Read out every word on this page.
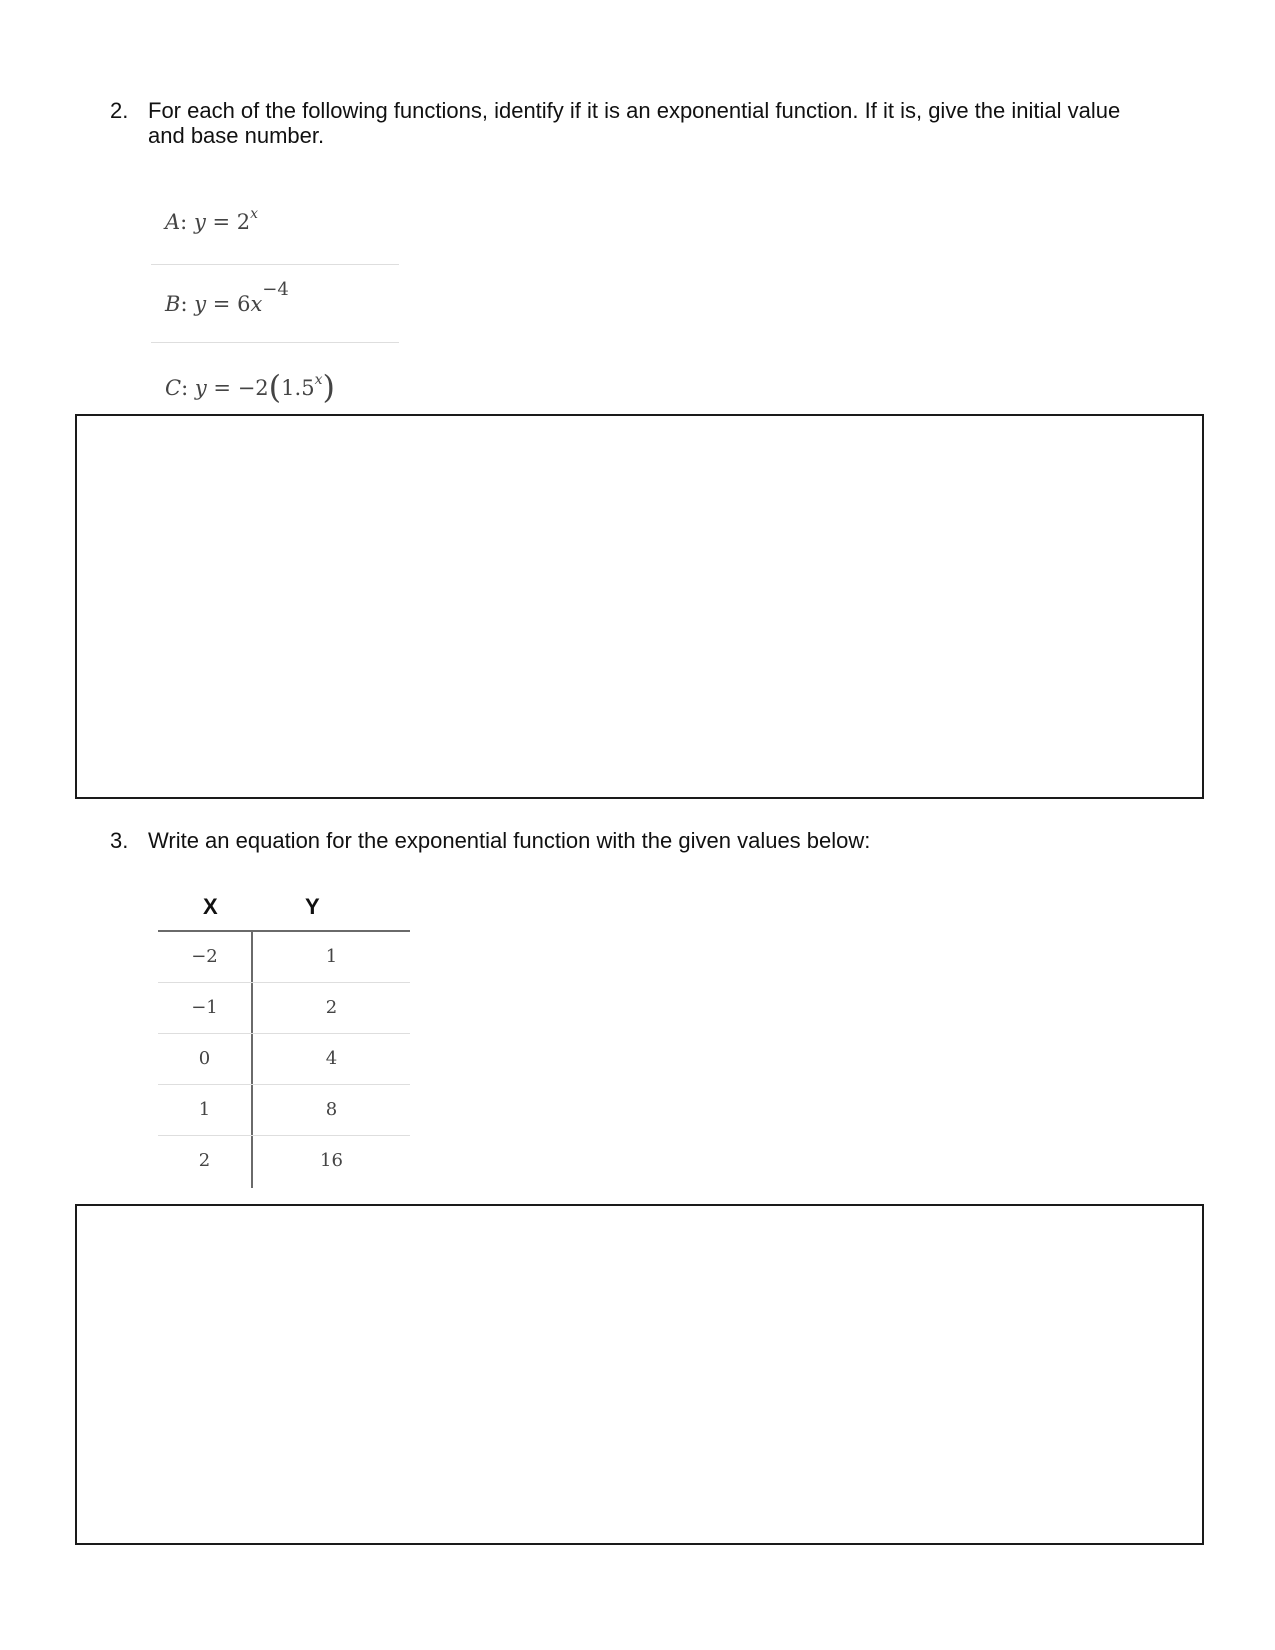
2. For each of the following functions, identify if it is an exponential function. If it is, give the initial value and base number.
A: $y = 2^x$
B: $y = 6x^{-4}$
C: $y = -2(1.5^x)$
3. Write an equation for the exponential function with the given values below:
X	Y
−2	1
−1	2
0	4
1	8
2	16
